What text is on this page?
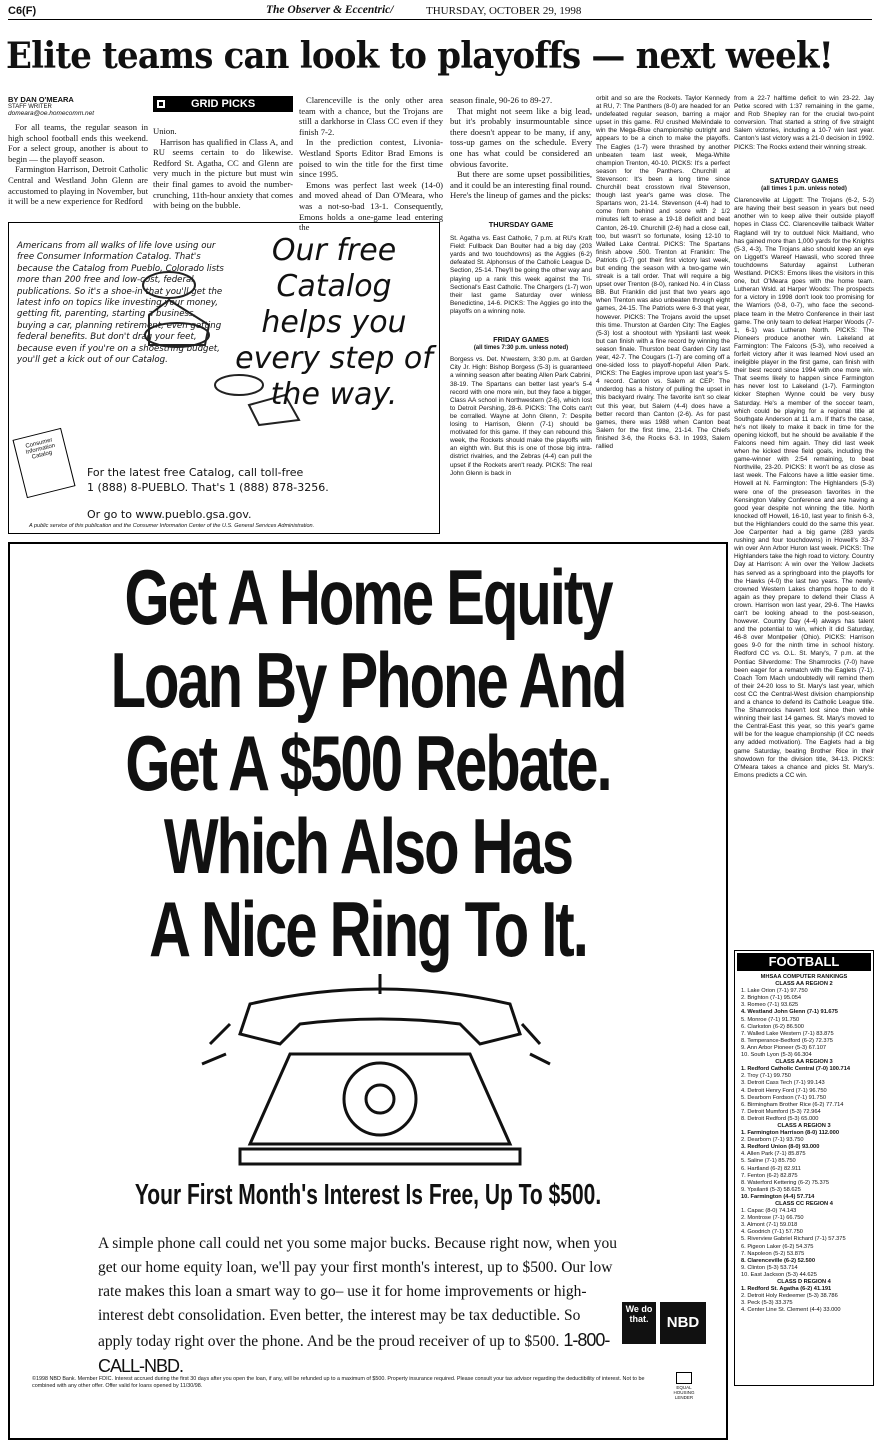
C6(F)	The Observer & Eccentric/	THURSDAY, OCTOBER 29, 1998
Elite teams can look to playoffs — next week!
BY DAN O'MEARA
STAFF WRITER
domeara@oe.homecomm.net

For all teams, the regular season in high school football ends this weekend. For a select group, another is about to begin — the playoff season.

Farmington Harrison, Detroit Catholic Central and Westland John Glenn are accustomed to playing in November, but it will be a new experience for Redford

GRID PICKS

Union.

Harrison has qualified in Class A, and RU seems certain to do likewise. Redford St. Agatha, CC and Glenn are very much in the picture but must win their final games to avoid the number-crunching, 11th-hour anxiety that comes with being on the bubble.

Clarenceville is the only other area team with a chance, but the Trojans are still a darkhorse in Class CC even if they finish 7-2.

In the prediction contest, Livonia-Westland Sports Editor Brad Emons is poised to win the title for the first time since 1995.

Emons was perfect last week (14-0) and moved ahead of Dan O'Meara, who was a not-so-bad 13-1. Consequently, Emons holds a one-game lead entering the

season finale, 90-26 to 89-27.

That might not seem like a big lead, but it's probably insurmountable since there doesn't appear to be many, if any, toss-up games on the schedule. Every one has what could be considered an obvious favorite.

But there are some upset possibilities, and it could be an interesting final round. Here's the lineup of games and the picks:

THURSDAY GAME
St. Agatha vs. East Catholic, 7 p.m. at RU's Kraft Field: Fullback Dan Boulter had a big day (203 yards and two touchdowns) as the Aggies (6-2) defeated St. Alphonsus of the Catholic League D-Section, 25-14. They'll be going the other way and playing up a rank this week against the Tri-Sectional's East Catholic. The Chargers (1-7) won their last game Saturday over winless Benedictine, 14-6. PICKS: The Aggies go into the playoffs on a winning note.
FRIDAY GAMES
(all times 7:30 p.m. unless noted)
Borgess vs. Det. N'western, 3:30 p.m. at Garden City Jr. High: Bishop Borgess (5-3) is guaranteed a winning season after beating Allen Park Cabrini, 38-19. The Spartans can better last year's 5-4 record with one more win, but they face a bigger, Class AA school in Northwestern (2-6), which lost to Detroit Pershing, 28-6. PICKS: The Colts can't be corralled. Wayne at John Glenn, 7: Despite losing to Harrison, Glenn (7-1) should be motivated for this game. If they can rebound this week, the Rockets should make the playoffs with an eighth win. But this is one of those big intra-district rivalries, and the Zebras (4-4) can pull the upset if the Rockets aren't ready. PICKS: The real John Glenn is back in
orbit and so are the Rockets. Taylor Kennedy at RU, 7: The Panthers (8-0) are headed for an undefeated regular season, barring a major upset in this game. RU crushed Melvindale to win the Mega-Blue championship outright and appears to be a cinch to make the playoffs. The Eagles (1-7) were thrashed by another unbeaten team last week, Mega-White champion Trenton, 40-10. PICKS: It's a perfect season for the Panthers. Churchill at Stevenson: It's been a long time since Churchill beat crosstown rival Stevenson, though last year's game was close. The Spartans won, 21-14. Stevenson (4-4) had to come from behind and score with 2 1/2 minutes left to erase a 19-18 deficit and beat Canton, 26-19. Churchill (2-6) had a close call, too, but wasn't so fortunate, losing 12-10 to Walled Lake Central. PICKS: The Spartans finish above .500. Trenton at Franklin: The Patriots (1-7) got their first victory last week, but ending the season with a two-game win streak is a tall order. That will require a big upset over Trenton (8-0), ranked No. 4 in Class BB. But Franklin did just that two years ago when Trenton was also unbeaten through eight games, 24-15. The Patriots were 6-3 that year, however. PICKS: The Trojans avoid the upset this time. Thurston at Garden City: The Eagles (5-3) lost a shootout with Ypsilanti last week but can finish with a fine record by winning the season finale. Thurston beat Garden City last year, 42-7. The Cougars (1-7) are coming off a one-sided loss to playoff-hopeful Allen Park. PICKS: The Eagles improve upon last year's 5-4 record. Canton vs. Salem at CEP: The underdog has a history of pulling the upset in this backyard rivalry. The favorite isn't so clear cut this year, but Salem (4-4) does have a better record than Canton (2-6). As for past games, there was 1988 when Canton beat Salem for the first time, 21-14. The Chiefs finished 3-6, the Rocks 6-3. In 1993, Salem rallied
from a 22-7 halftime deficit to win 23-22. Jay Petke scored with 1:37 remaining in the game, and Rob Shepley ran for the crucial two-point conversion. That started a string of five straight Salem victories, including a 10-7 win last year. Canton's last victory was a 21-0 decision in 1992. PICKS: The Rocks extend their winning streak.
SATURDAY GAMES
(all times 1 p.m. unless noted)
Clarenceville at Liggett: The Trojans (6-2, 5-2) are having their best season in years but need another win to keep alive their outside playoff hopes in Class CC. Clarenceville tailback Walter Ragland will try to outduel Nick Maitland, who has gained more than 1,000 yards for the Knights (5-3, 4-3). The Trojans also should keep an eye on Liggett's Wareef Hawasli, who scored three touchdowns Saturday against Lutheran Westland. PICKS: Emons likes the visitors in this one, but O'Meara goes with the home team. Lutheran Wsld. at Harper Woods: The prospects for a victory in 1998 don't look too promising for the Warriors (0-8, 0-7), who face the second-place team in the Metro Conference in their last game. The only team to defeat Harper Woods (7-1, 6-1) was Lutheran North. PICKS: The Pioneers produce another win. Lakeland at Farmington: The Falcons (5-3), who received a forfeit victory after it was learned Novi used an ineligible player in the first game, can finish with their best record since 1994 with one more win. That seems likely to happen since Farmington has never lost to Lakeland (1-7). Farmington kicker Stephen Wynne could be very busy Saturday. He's a member of the soccer team, which could be playing for a regional title at Southgate Anderson at 11 a.m. If that's the case, he's not likely to make it back in time for the opening kickoff, but he should be available if the Falcons need him again. They did last week when he kicked three field goals, including the game-winner with 2:54 remaining, to beat Northville, 23-20. PICKS: It won't be as close as last week. The Falcons have a little easier time. Howell at N. Farmington: The Highlanders (5-3) were one of the preseason favorites in the Kensington Valley Conference and are having a good year despite not winning the title. North knocked off Howell, 16-10, last year to finish 6-3, but the Highlanders could do the same this year. Joe Carpenter had a big game (283 yards rushing and four touchdowns) in Howell's 33-7 win over Ann Arbor Huron last week. PICKS: The Highlanders take the high road to victory. Country Day at Harrison: A win over the Yellow Jackets has served as a springboard into the playoffs for the Hawks (4-0) the last two years. The newly-crowned Western Lakes champs hope to do it again as they prepare to defend their Class A crown. Harrison won last year, 29-6. The Hawks can't be looking ahead to the post-season, however. Country Day (4-4) always has talent and the potential to win, which it did Saturday, 46-8 over Montpelier (Ohio). PICKS: Harrison goes 9-0 for the ninth time in school history. Redford CC vs. O.L. St. Mary's, 7 p.m. at the Pontiac Silverdome: The Shamrocks (7-0) have been eager for a rematch with the Eaglets (7-1). Coach Tom Mach undoubtedly will remind them of their 24-20 loss to St. Mary's last year, which cost CC the Central-West division championship and a chance to defend its Catholic League title. The Shamrocks haven't lost since then while winning their last 14 games. St. Mary's moved to the Central-East this year, so this year's game will be for the league championship (if CC needs any added motivation). The Eaglets had a big game Saturday, beating Brother Rice in their showdown for the division title, 34-13. PICKS: O'Meara takes a chance and picks St. Mary's. Emons predicts a CC win.
Americans from all walks of life love using our free Consumer Information Catalog. That's because the Catalog from Pueblo, Colorado lists more than 200 free and low-cost, federal publications. So it's a shoe-in that you'll get the latest info on topics like investing your money, getting fit, parenting, starting a business, buying a car, planning retirement, even getting federal benefits. But don't drag your feet, because even if you're on a shoestring budget, you'll get a kick out of our Catalog.
Our free Catalog helps you every step of the way.
Consumer Information Catalog
For the latest free Catalog, call toll-free
1 (888) 8-PUEBLO. That's 1 (888) 878-3256.
Or go to www.pueblo.gsa.gov.
A public service of this publication and the Consumer Information Center of the U.S. General Services Administration.
Get A Home Equity
Loan By Phone And
Get A $500 Rebate.
Which Also Has
A Nice Ring To It.
Your First Month's Interest Is Free, Up To $500.
A simple phone call could net you some major bucks. Because right now, when you get our home equity loan, we'll pay your first month's interest, up to $500. Our low rate makes this loan a smart way to go– use it for home improvements or high-interest debt consolidation. Even better, the interest may be tax deductible. So apply today right over the phone. And be the proud receiver of up to $500. 1-800-CALL-NBD.
We do that.	NBD
EQUAL HOUSING LENDER
©1998 NBD Bank. Member FDIC. Interest accrued during the first 30 days after you open the loan, if any, will be refunded up to a maximum of $500. Property insurance required. Please consult your tax advisor regarding the deductibility of interest. Not to be combined with any other offer. Offer valid for loans opened by 11/30/98.
FOOTBALL
MHSAA COMPUTER RANKINGS
CLASS AA REGION 2
1. Lake Orion (7-1) 97.750
2. Brighton (7-1) 95.054
3. Romeo (7-1) 93.625
4. Westland John Glenn (7-1) 91.675
5. Monroe (7-1) 91.750
6. Clarkston (6-2) 86.500
7. Walled Lake Western (7-1) 83.875
8. Temperance-Bedford (6-2) 72.375
9. Ann Arbor Pioneer (5-3) 67.107
10. South Lyon (5-3) 66.304
CLASS AA REGION 3
1. Redford Catholic Central (7-0) 100.714
2. Troy (7-1) 99.750
3. Detroit Cass Tech (7-1) 99.143
4. Detroit Henry Ford (7-1) 96.750
5. Dearborn Fordson (7-1) 91.750
6. Birmingham Brother Rice (6-2) 77.714
7. Detroit Mumford (5-3) 72.964
8. Detroit Redford (5-3) 65.000
CLASS A REGION 3
1. Farmington Harrison (8-0) 112.000
2. Dearborn (7-1) 93.750
3. Redford Union (8-0) 93.000
4. Allen Park (7-1) 85.875
5. Saline (7-1) 85.750
6. Hartland (6-2) 82.911
7. Fenton (6-2) 82.875
8. Waterford Kettering (6-2) 75.375
9. Ypsilanti (5-3) 58.625
10. Farmington (4-4) 57.714
CLASS CC REGION 4
1. Capac (8-0) 74.143
2. Montrose (7-1) 66.750
3. Almont (7-1) 59.018
4. Goodrich (7-1) 57.750
5. Riverview Gabriel Richard (7-1) 57.375
6. Pigeon Laker (6-2) 54.375
7. Napoleon (5-2) 53.875
8. Clarenceville (6-2) 52.500
9. Clinton (5-3) 53.714
10. East Jackson (5-3) 44.625
CLASS D REGION 4
1. Redford St. Agatha (6-2) 41.191
2. Detroit Holy Redeemer (5-3) 38.786
3. Peck (5-3) 33.375
4. Center Line St. Clement (4-4) 33.000
